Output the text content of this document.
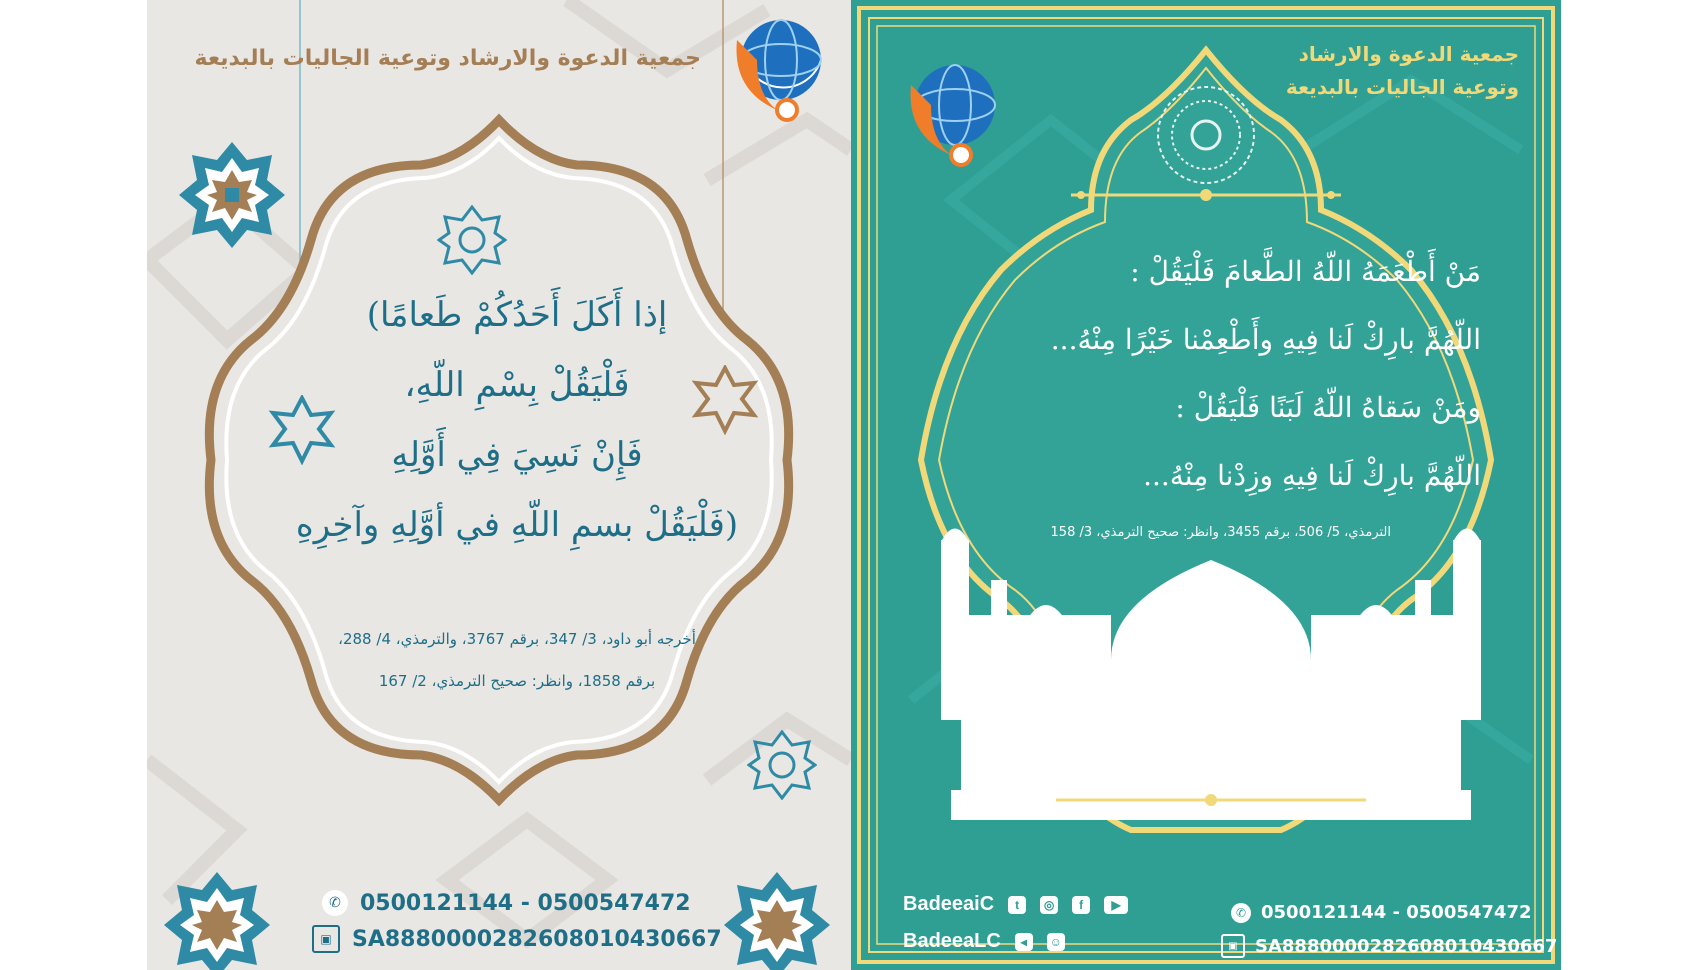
جمعية الدعوة والارشاد وتوعية الجاليات بالبديعة
إذا أَكَلَ أَحَدُكُمْ طَعامًا)
فَلْيَقُلْ بِسْمِ اللّهِ،
فَإِنْ نَسِيَ فِي أَوَّلِهِ
(فَلْيَقُلْ بسمِ اللّهِ في أوَّلِهِ وآخِرِهِ
أخرجه أبو داود، 3/ 347، برقم 3767، والترمذي، 4/ 288،
برقم 1858، وانظر: صحيح الترمذي، 2/ 167
✆ 0500121144 - 0500547472
▣ SA8880000282608010430667
جمعية الدعوة والارشاد
وتوعية الجاليات بالبديعة
مَنْ أَطْعَمَهُ اللّهُ الطَّعامَ فَلْيَقُلْ :
اللّهُمَّ بارِكْ لَنا فِيهِ وأَطْعِمْنا خَيْرًا مِنْهُ...
ومَنْ سَقاهُ اللّهُ لَبَنًا فَلْيَقُلْ :
اللّهُمَّ بارِكْ لَنا فِيهِ وزِدْنا مِنْهُ...
الترمذي، 5/ 506، برقم 3455، وانظر: صحيح الترمذي، 3/ 158
BadeeaiC	t	◎	f	▶
BadeeaLC	◂	☺
✆ 0500121144 - 0500547472
▣ SA8880000282608010430667
